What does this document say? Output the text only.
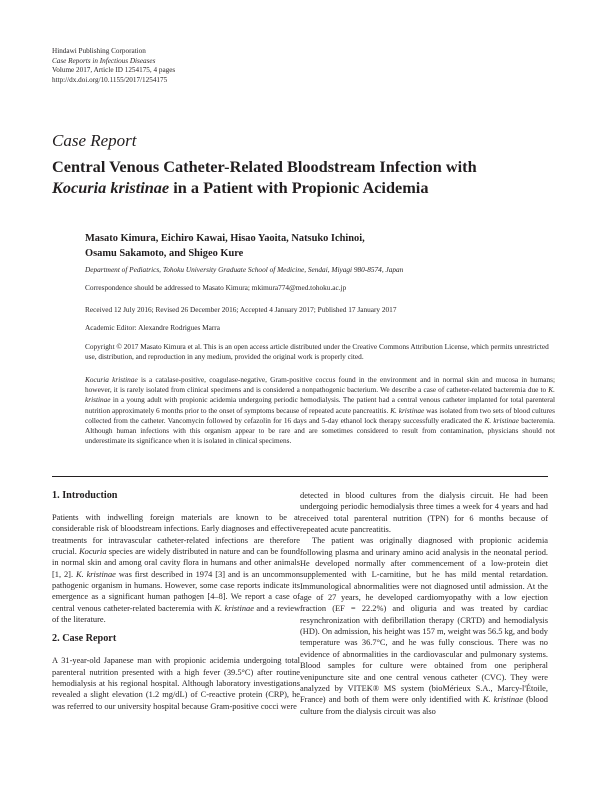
Hindawi Publishing Corporation
Case Reports in Infectious Diseases
Volume 2017, Article ID 1254175, 4 pages
http://dx.doi.org/10.1155/2017/1254175
Case Report
Central Venous Catheter-Related Bloodstream Infection with
Kocuria kristinae in a Patient with Propionic Acidemia
Masato Kimura, Eichiro Kawai, Hisao Yaoita, Natsuko Ichinoi,
Osamu Sakamoto, and Shigeo Kure
Department of Pediatrics, Tohoku University Graduate School of Medicine, Sendai, Miyagi 980-8574, Japan
Correspondence should be addressed to Masato Kimura; mkimura774@med.tohoku.ac.jp
Received 12 July 2016; Revised 26 December 2016; Accepted 4 January 2017; Published 17 January 2017
Academic Editor: Alexandre Rodrigues Marra
Copyright © 2017 Masato Kimura et al. This is an open access article distributed under the Creative Commons Attribution License, which permits unrestricted use, distribution, and reproduction in any medium, provided the original work is properly cited.
Kocuria kristinae is a catalase-positive, coagulase-negative, Gram-positive coccus found in the environment and in normal skin and mucosa in humans; however, it is rarely isolated from clinical specimens and is considered a nonpathogenic bacterium. We describe a case of catheter-related bacteremia due to K. kristinae in a young adult with propionic acidemia undergoing periodic hemodialysis. The patient had a central venous catheter implanted for total parenteral nutrition approximately 6 months prior to the onset of symptoms because of repeated acute pancreatitis. K. kristinae was isolated from two sets of blood cultures collected from the catheter. Vancomycin followed by cefazolin for 16 days and 5-day ethanol lock therapy successfully eradicated the K. kristinae bacteremia. Although human infections with this organism appear to be rare and are sometimes considered to result from contamination, physicians should not underestimate its significance when it is isolated in clinical specimens.
1. Introduction

Patients with indwelling foreign materials are known to be at considerable risk of bloodstream infections. Early diagnoses and effective treatments for intravascular catheter-related infections are therefore crucial. Kocuria species are widely distributed in nature and can be found in normal skin and among oral cavity flora in humans and other animals [1, 2]. K. kristinae was first described in 1974 [3] and is an uncommon pathogenic organism in humans. However, some case reports indicate its emergence as a significant human pathogen [4–8]. We report a case of central venous catheter-related bacteremia with K. kristinae and a review of the literature.

2. Case Report

A 31-year-old Japanese man with propionic acidemia undergoing total parenteral nutrition presented with a high fever (39.5°C) after routine hemodialysis at his regional hospital. Although laboratory investigations revealed a slight elevation (1.2 mg/dL) of C-reactive protein (CRP), he was referred to our university hospital because Gram-positive cocci were

detected in blood cultures from the dialysis circuit. He had been undergoing periodic hemodialysis three times a week for 4 years and had received total parenteral nutrition (TPN) for 6 months because of repeated acute pancreatitis.

The patient was originally diagnosed with propionic acidemia following plasma and urinary amino acid analysis in the neonatal period. He developed normally after commencement of a low-protein diet supplemented with L-carnitine, but he has mild mental retardation. Immunological abnormalities were not diagnosed until admission. At the age of 27 years, he developed cardiomyopathy with a low ejection fraction (EF = 22.2%) and oliguria and was treated by cardiac resynchronization with defibrillation therapy (CRTD) and hemodialysis (HD). On admission, his height was 157 m, weight was 56.5 kg, and body temperature was 36.7°C, and he was fully conscious. There was no evidence of abnormalities in the cardiovascular and pulmonary systems. Blood samples for culture were obtained from one peripheral venipuncture site and one central venous catheter (CVC). They were analyzed by VITEK® MS system (bioMérieux S.A., Marcy-l'Étoile, France) and both of them were only identified with K. kristinae (blood culture from the dialysis circuit was also
